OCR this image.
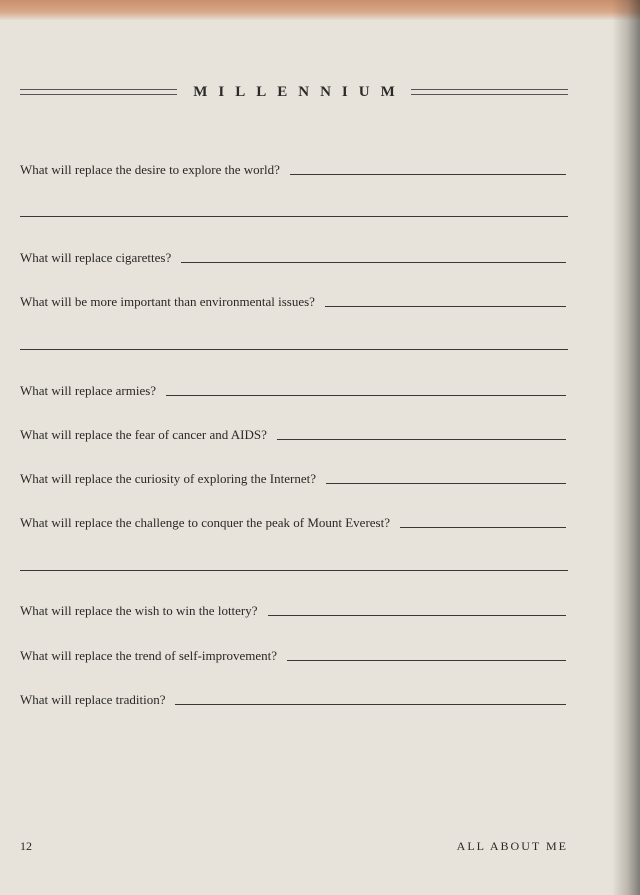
MILLENNIUM
What will replace the desire to explore the world?
What will replace cigarettes?
What will be more important than environmental issues?
What will replace armies?
What will replace the fear of cancer and AIDS?
What will replace the curiosity of exploring the Internet?
What will replace the challenge to conquer the peak of Mount Everest?
What will replace the wish to win the lottery?
What will replace the trend of self-improvement?
What will replace tradition?
12	ALL ABOUT ME
